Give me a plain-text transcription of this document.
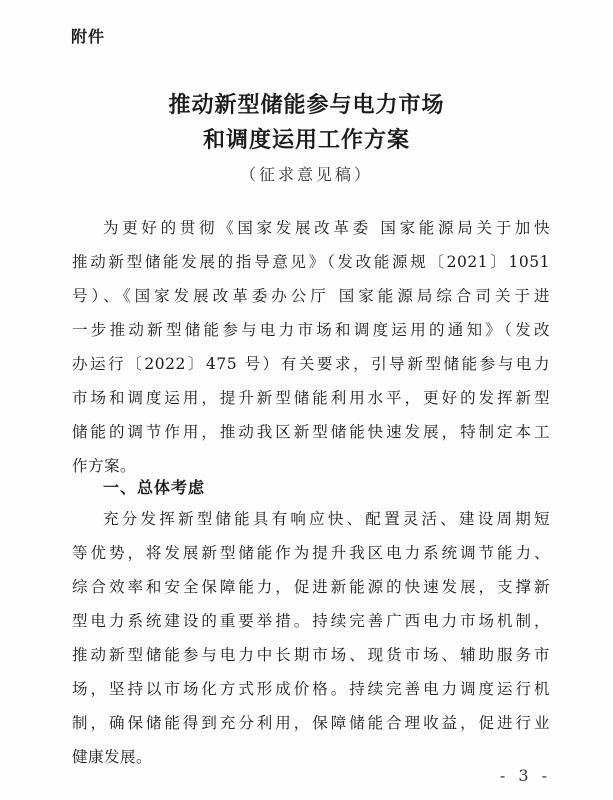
附件
推动新型储能参与电力市场
和调度运用工作方案
（征求意见稿）
为更好的贯彻《国家发展改革委 国家能源局关于加快
推动新型储能发展的指导意见》（发改能源规〔2021〕1051
号）、《国家发展改革委办公厅 国家能源局综合司关于进
一步推动新型储能参与电力市场和调度运用的通知》（发改
办运行〔2022〕475 号）有关要求，引导新型储能参与电力
市场和调度运用，提升新型储能利用水平，更好的发挥新型
储能的调节作用，推动我区新型储能快速发展，特制定本工
作方案。
一、总体考虑
充分发挥新型储能具有响应快、配置灵活、建设周期短
等优势，将发展新型储能作为提升我区电力系统调节能力、
综合效率和安全保障能力，促进新能源的快速发展，支撑新
型电力系统建设的重要举措。持续完善广西电力市场机制，
推动新型储能参与电力中长期市场、现货市场、辅助服务市
场，坚持以市场化方式形成价格。持续完善电力调度运行机
制，确保储能得到充分利用，保障储能合理收益，促进行业
健康发展。
- 3 -
